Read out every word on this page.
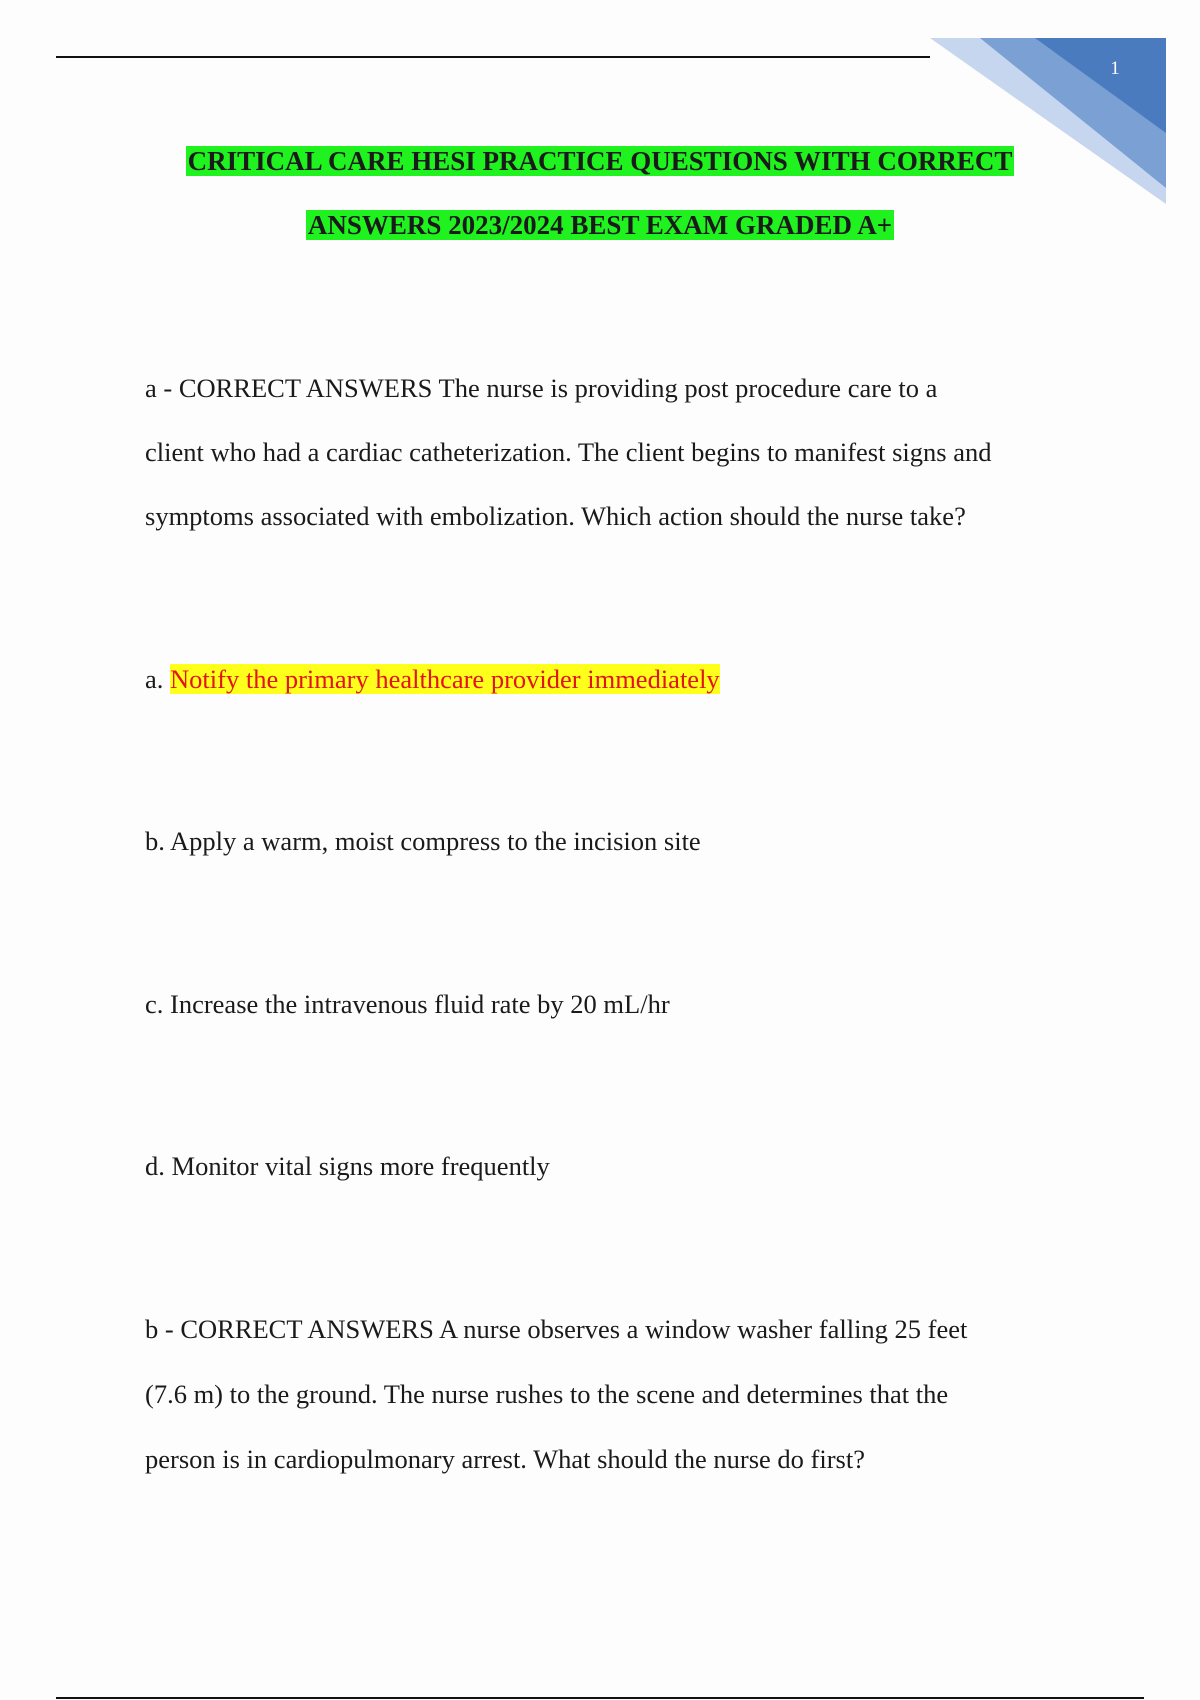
1
CRITICAL CARE HESI PRACTICE QUESTIONS WITH CORRECT
ANSWERS 2023/2024 BEST EXAM GRADED A+
a - CORRECT ANSWERS The nurse is providing post procedure care to a
client who had a cardiac catheterization. The client begins to manifest signs and
symptoms associated with embolization. Which action should the nurse take?
a. Notify the primary healthcare provider immediately
b. Apply a warm, moist compress to the incision site
c. Increase the intravenous fluid rate by 20 mL/hr
d. Monitor vital signs more frequently
b - CORRECT ANSWERS A nurse observes a window washer falling 25 feet
(7.6 m) to the ground. The nurse rushes to the scene and determines that the
person is in cardiopulmonary arrest. What should the nurse do first?
